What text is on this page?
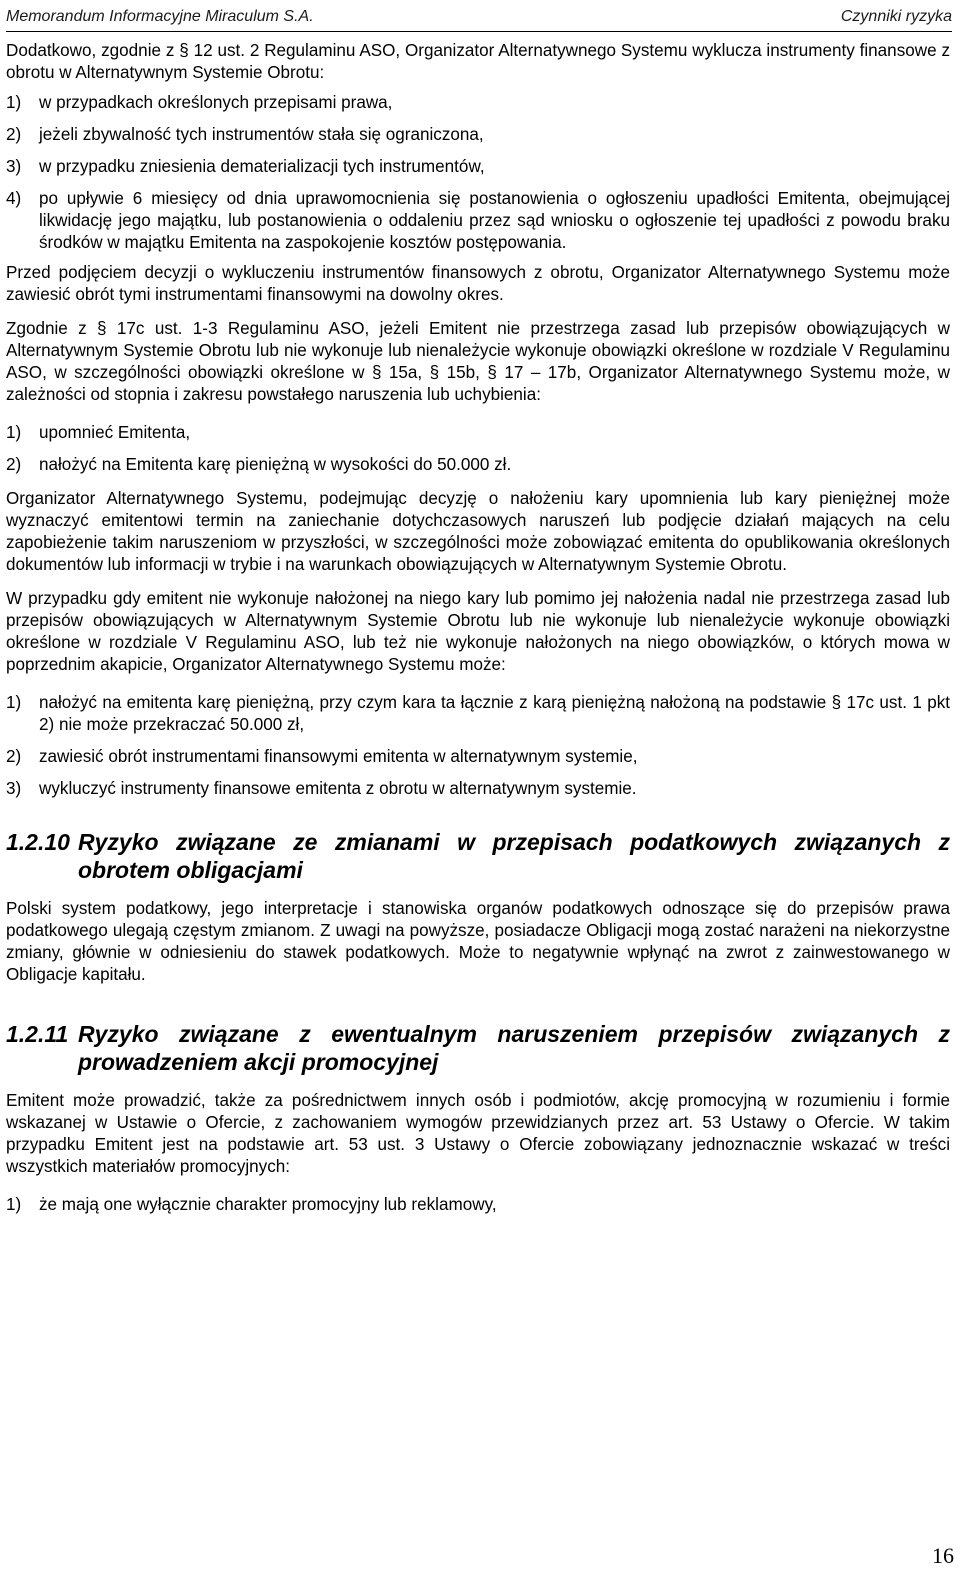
Memorandum Informacyjne Miraculum S.A.	Czynniki ryzyka

Dodatkowo, zgodnie z § 12 ust. 2 Regulaminu ASO, Organizator Alternatywnego Systemu wyklucza instrumenty finansowe z obrotu w Alternatywnym Systemie Obrotu:

1)	w przypadkach określonych przepisami prawa,
2)	jeżeli zbywalność tych instrumentów stała się ograniczona,
3)	w przypadku zniesienia dematerializacji tych instrumentów,
4)	po upływie 6 miesięcy od dnia uprawomocnienia się postanowienia o ogłoszeniu upadłości Emitenta, obejmującej likwidację jego majątku, lub postanowienia o oddaleniu przez sąd wniosku o ogłoszenie tej upadłości z powodu braku środków w majątku Emitenta na zaspokojenie kosztów postępowania.

Przed podjęciem decyzji o wykluczeniu instrumentów finansowych z obrotu, Organizator Alternatywnego Systemu może zawiesić obrót tymi instrumentami finansowymi na dowolny okres.

Zgodnie z § 17c ust. 1-3 Regulaminu ASO, jeżeli Emitent nie przestrzega zasad lub przepisów obowiązujących w Alternatywnym Systemie Obrotu lub nie wykonuje lub nienależycie wykonuje obowiązki określone w rozdziale V Regulaminu ASO, w szczególności obowiązki określone w § 15a, § 15b, § 17 – 17b, Organizator Alternatywnego Systemu może, w zależności od stopnia i zakresu powstałego naruszenia lub uchybienia:

1)	upomnieć Emitenta,
2)	nałożyć na Emitenta karę pieniężną w wysokości do 50.000 zł.

Organizator Alternatywnego Systemu, podejmując decyzję o nałożeniu kary upomnienia lub kary pieniężnej może wyznaczyć emitentowi termin na zaniechanie dotychczasowych naruszeń lub podjęcie działań mających na celu zapobieżenie takim naruszeniom w przyszłości, w szczególności może zobowiązać emitenta do opublikowania określonych dokumentów lub informacji w trybie i na warunkach obowiązujących w Alternatywnym Systemie Obrotu.

W przypadku gdy emitent nie wykonuje nałożonej na niego kary lub pomimo jej nałożenia nadal nie przestrzega zasad lub przepisów obowiązujących w Alternatywnym Systemie Obrotu lub nie wykonuje lub nienależycie wykonuje obowiązki określone w rozdziale V Regulaminu ASO, lub też nie wykonuje nałożonych na niego obowiązków, o których mowa w poprzednim akapicie, Organizator Alternatywnego Systemu może:

1)	nałożyć na emitenta karę pieniężną, przy czym kara ta łącznie z karą pieniężną nałożoną na podstawie § 17c ust. 1 pkt 2) nie może przekraczać 50.000 zł,
2)	zawiesić obrót instrumentami finansowymi emitenta w alternatywnym systemie,
3)	wykluczyć instrumenty finansowe emitenta z obrotu w alternatywnym systemie.
1.2.10 Ryzyko związane ze zmianami w przepisach podatkowych związanych z obrotem obligacjami

Polski system podatkowy, jego interpretacje i stanowiska organów podatkowych odnoszące się do przepisów prawa podatkowego ulegają częstym zmianom. Z uwagi na powyższe, posiadacze Obligacji mogą zostać narażeni na niekorzystne zmiany, głównie w odniesieniu do stawek podatkowych. Może to negatywnie wpłynąć na zwrot z zainwestowanego w Obligacje kapitału.

1.2.11 Ryzyko związane z ewentualnym naruszeniem przepisów związanych z prowadzeniem akcji promocyjnej

Emitent może prowadzić, także za pośrednictwem innych osób i podmiotów, akcję promocyjną w rozumieniu i formie wskazanej w Ustawie o Ofercie, z zachowaniem wymogów przewidzianych przez art. 53 Ustawy o Ofercie. W takim przypadku Emitent jest na podstawie art. 53 ust. 3 Ustawy o Ofercie zobowiązany jednoznacznie wskazać w treści wszystkich materiałów promocyjnych:

1)	że mają one wyłącznie charakter promocyjny lub reklamowy,
16
